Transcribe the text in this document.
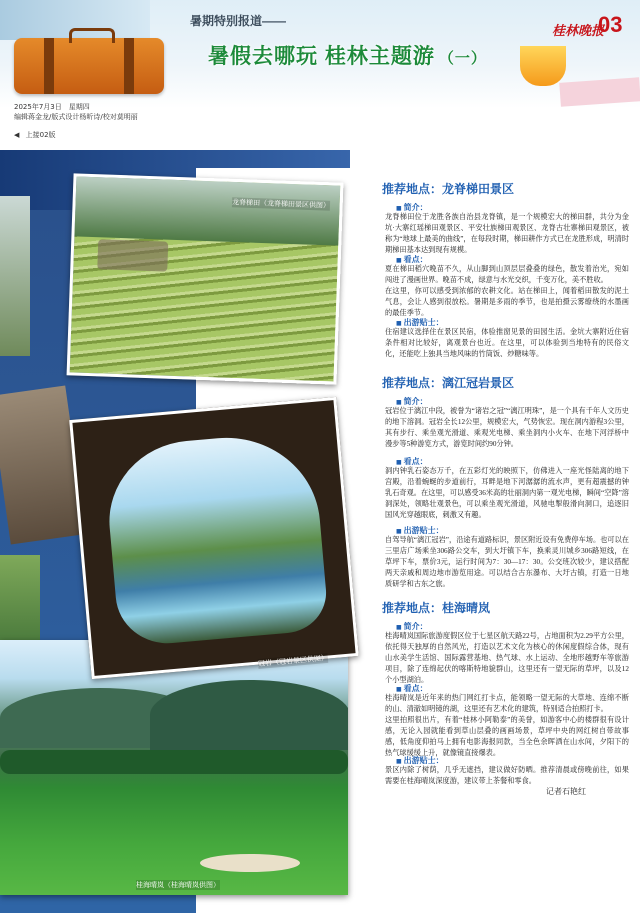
暑期特别报道——
暑假去哪玩 桂林主题游 （一）
桂林晚报
03
2025年7月3日　星期四
编辑蒋金龙/版式设计杨昕诗/校对莫明丽
◀ 上接02版
龙脊梯田（龙脊梯田景区供图）
桂海晴岚（桂海晴岚供图）
冠岩（冠岩景区供图）
推荐地点：龙脊梯田景区
■ 简介：
龙脊梯田位于龙胜各族自治县龙脊镇，是一个规模宏大的梯田群，共分为金坑·大寨红瑶梯田观景区、平安壮族梯田观景区、龙脊古壮寨梯田观景区，被称为“地球上最美的曲线”，在每段时期，梯田耕作方式已在龙胜形成，明清时期梯田基本达到现有规模。
■ 看点：
夏在梯田稻穴晚苗不久，从山脚到山顶层层叠叠的绿色，散发着治光，宛如闯进了漫画世界。晚苗不成，绿意与水光交织，千变万化，美不胜收。
在这里，你可以感受到浓郁的农耕文化。站在梯田上，闻着稻田散发的泥土气息，会让人感到很放松。暑期是多雨的季节，也是拍摄云雾缭绕的水墨画的最佳季节。
■ 出游贴士：
住宿建议选择住在景区民宿，体验推窗见景的田园生活。金坑大寨附近住宿条件相对比较好，离观景台也近。在这里，可以体验到当地特有的民俗文化，还能吃上独具当地风味的竹筒饭、炒糖味等。
推荐地点：漓江冠岩景区
■ 简介：
冠岩位于漓江中段，被誉为“诸岩之冠”“漓江明珠”，是一个具有千年人文历史的地下溶洞。冠岩全长12公里，规模宏大，气势恢宏。现在洞内游程3公里，其有步行、乘坐观光滑道、乘观光电梯、乘坐洞内小火车、在地下河浮桥中漫步等5种游览方式，游览时间约90分钟。
■ 看点：
洞内钟乳石姿态万千，在五彩灯光的映照下，仿佛进入一座光怪陆离的地下宫殿，沿着蜿蜒的步道前行，耳畔是地下河潺潺的流水声，更有超震撼的钟乳石奇观。在这里，可以感受36米高的壮丽洞内第一观光电梯，瞬间“空降”溶洞深处，领略壮观景色，可以乘坐观光滑道，风驰电掣般滑向洞口，追逐旧国风光穿越眼底，刺激又有趣。
■ 出游贴士：
自驾导航“漓江冠岩”，沿途有道路标识，景区附近设有免费停车场。也可以在三里店广场乘坐306路公交车，到大圩镇下车，换乘灵川城乡306路短线，在草坪下车，票价3元，运行时间为7：30—17：30。公交班次较少，建议搭配两天亲戚和周边地市游览用途。可以结合古东瀑布、大圩古镇，打造一日地质研学和古东之旅。
推荐地点：桂海晴岚
■ 简介：
桂海晴岚国际旅游度假区位于七星区航天路22号，占地面积为2.29平方公里，依托得天独厚的自然风光，打造以艺术文化为核心的休闲度假综合体，现有山水美学生活馆、国际露营基地、热气球、水上运动、全地形越野车等旅游项目，除了连绵起伏的喀斯特地貌群山，这里还有一望无际的草坪，以及12个小型湖泊。
■ 看点：
桂海晴岚是近年来的热门网红打卡点，能领略一望无际的大草地、连绵不断的山、清澈如明镜的湖，这里还有艺术化的建筑，特别适合拍照打卡。
这里拍照很出片，有着“桂林小阿勒泰”的美誉，如游客中心的楼群很有设计感，无论入园就能看到草山层叠的画画场景，草坪中央的网红树自带故事感，低角度仰拍马上拥有电影海报同款，当全色余晖洒在山水间，夕阳下的热气球缓缓上升，就像镜直接爆表。
■ 出游贴士：
景区内除了树荫，几乎无遮挡，建议做好防晒。推荐清晨或傍晚前往，如果需要在桂海晴岚深度游，建议带上茶餐和零食。
记者石艳红
